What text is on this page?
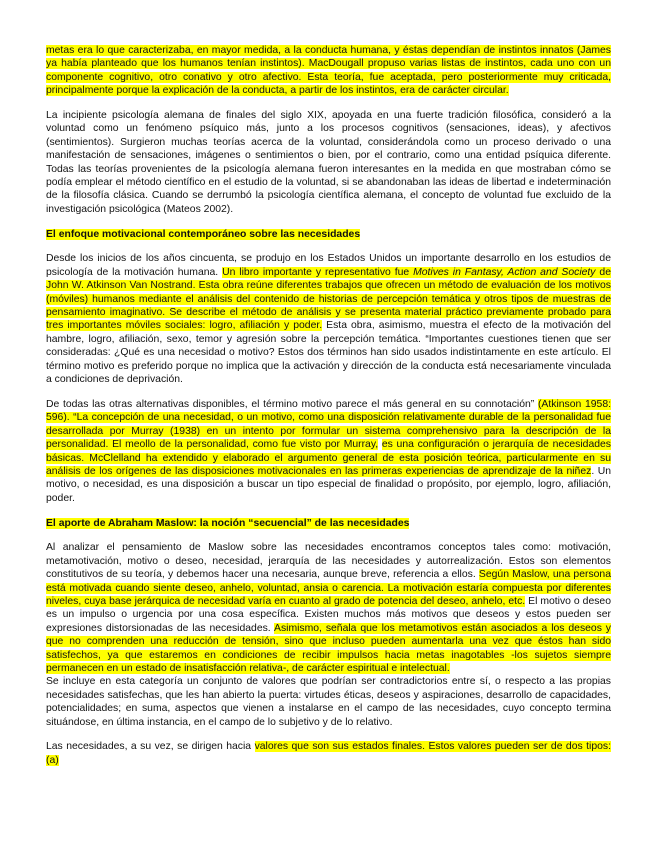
metas era lo que caracterizaba, en mayor medida, a la conducta humana, y éstas dependían de instintos innatos (James ya había planteado que los humanos tenían instintos). MacDougall propuso varias listas de instintos, cada uno con un componente cognitivo, otro conativo y otro afectivo. Esta teoría, fue aceptada, pero posteriormente muy criticada, principalmente porque la explicación de la conducta, a partir de los instintos, era de carácter circular.

La incipiente psicología alemana de finales del siglo XIX, apoyada en una fuerte tradición filosófica, consideró a la voluntad como un fenómeno psíquico más, junto a los procesos cognitivos (sensaciones, ideas), y afectivos (sentimientos). Surgieron muchas teorías acerca de la voluntad, considerándola como un proceso derivado o una manifestación de sensaciones, imágenes o sentimientos o bien, por el contrario, como una entidad psíquica diferente. Todas las teorías provenientes de la psicología alemana fueron interesantes en la medida en que mostraban cómo se podía emplear el método científico en el estudio de la voluntad, si se abandonaban las ideas de libertad e indeterminación de la filosofía clásica. Cuando se derrumbó la psicología científica alemana, el concepto de voluntad fue excluido de la investigación psicológica (Mateos 2002).

El enfoque motivacional contemporáneo sobre las necesidades

Desde los inicios de los años cincuenta, se produjo en los Estados Unidos un importante desarrollo en los estudios de psicología de la motivación humana. Un libro importante y representativo fue Motives in Fantasy, Action and Society de John W. Atkinson Van Nostrand. Esta obra reúne diferentes trabajos que ofrecen un método de evaluación de los motivos (móviles) humanos mediante el análisis del contenido de historias de percepción temática y otros tipos de muestras de pensamiento imaginativo. Se describe el método de análisis y se presenta material práctico previamente probado para tres importantes móviles sociales: logro, afiliación y poder. Esta obra, asimismo, muestra el efecto de la motivación del hambre, logro, afiliación, sexo, temor y agresión sobre la percepción temática. “Importantes cuestiones tienen que ser consideradas: ¿Qué es una necesidad o motivo? Estos dos términos han sido usados indistintamente en este artículo. El término motivo es preferido porque no implica que la activación y dirección de la conducta está necesariamente vinculada a condiciones de deprivación.

De todas las otras alternativas disponibles, el término motivo parece el más general en su connotación” (Atkinson 1958: 596). “La concepción de una necesidad, o un motivo, como una disposición relativamente durable de la personalidad fue desarrollada por Murray (1938) en un intento por formular un sistema comprehensivo para la descripción de la personalidad. El meollo de la personalidad, como fue visto por Murray, es una configuración o jerarquía de necesidades básicas. McClelland ha extendido y elaborado el argumento general de esta posición teórica, particularmente en su análisis de los orígenes de las disposiciones motivacionales en las primeras experiencias de aprendizaje de la niñez. Un motivo, o necesidad, es una disposición a buscar un tipo especial de finalidad o propósito, por ejemplo, logro, afiliación, poder.

El aporte de Abraham Maslow: la noción “secuencial” de las necesidades

Al analizar el pensamiento de Maslow sobre las necesidades encontramos conceptos tales como: motivación, metamotivación, motivo o deseo, necesidad, jerarquía de las necesidades y autorrealización. Estos son elementos constitutivos de su teoría, y debemos hacer una necesaria, aunque breve, referencia a ellos. Según Maslow, una persona está motivada cuando siente deseo, anhelo, voluntad, ansia o carencia. La motivación estaría compuesta por diferentes niveles, cuya base jerárquica de necesidad varía en cuanto al grado de potencia del deseo, anhelo, etc. El motivo o deseo es un impulso o urgencia por una cosa específica. Existen muchos más motivos que deseos y estos pueden ser expresiones distorsionadas de las necesidades. Asimismo, señala que los metamotivos están asociados a los deseos y que no comprenden una reducción de tensión, sino que incluso pueden aumentarla una vez que éstos han sido satisfechos, ya que estaremos en condiciones de recibir impulsos hacia metas inagotables -los sujetos siempre permanecen en un estado de insatisfacción relativa-, de carácter espiritual e intelectual.

Se incluye en esta categoría un conjunto de valores que podrían ser contradictorios entre sí, o respecto a las propias necesidades satisfechas, que les han abierto la puerta: virtudes éticas, deseos y aspiraciones, desarrollo de capacidades, potencialidades; en suma, aspectos que vienen a instalarse en el campo de las necesidades, cuyo concepto termina situándose, en última instancia, en el campo de lo subjetivo y de lo relativo.

Las necesidades, a su vez, se dirigen hacia valores que son sus estados finales. Estos valores pueden ser de dos tipos: (a)
